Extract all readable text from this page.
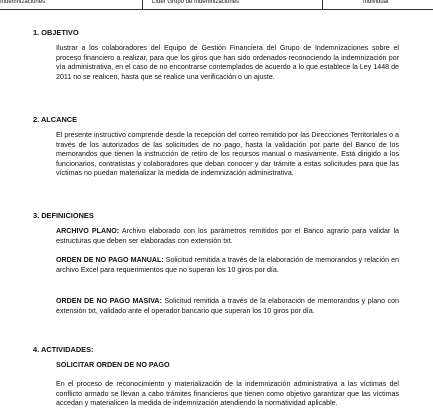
Indemnizaciones	Líder Grupo de Indemnizaciones	Individual
1. OBJETIVO

Ilustrar a los colaboradores del Equipo de Gestión Financiera del Grupo de Indemnizaciones sobre el proceso financiero a realizar, para que los giros que han sido ordenados reconociendo la indemnización por vía administrativa, en el caso de no encontrarse contemplados de acuerdo a lo que establece la Ley 1448 de 2011 no se realicen, hasta que se realice una verificación o un ajuste.

2. ALCANCE

El presente instructivo comprende desde la recepción del correo remitido por las Direcciones Territoriales o a través de los autorizados de las solicitudes de no pago, hasta la validación por parte del Banco de los memorandos que tienen la instrucción de retiro de los recursos manual o masivamente. Está dirigido a los funcionarios, contratistas y colaboradores que deban conocer y dar trámite a estas solicitudes para que las víctimas no puedan materializar la medida de indemnización administrativa.

3. DEFINICIONES

ARCHIVO PLANO: Archivo elaborado con los parámetros remitidos por el Banco agrario para validar la estructuras que deben ser elaboradas con extensión txt.

ORDEN DE NO PAGO MANUAL: Solicitud remitida a través de la elaboración de memorandos y relación en archivo Excel para requerimientos que no superan los 10 giros por día.

ORDEN DE NO PAGO MASIVA: Solicitud remitida a través de la elaboración de memorandos y plano con extensión txt, validado ante el operador bancario que superan los 10 giros por día.

4. ACTIVIDADES:
SOLICITAR ORDEN DE NO PAGO

En el proceso de reconocimiento y materialización de la indemnización administrativa a las víctimas del conflicto armado se llevan a cabo trámites financieros que tienen como objetivo garantizar que las víctimas accedan y materialicen la medida de indemnización atendiendo la normatividad aplicable.
